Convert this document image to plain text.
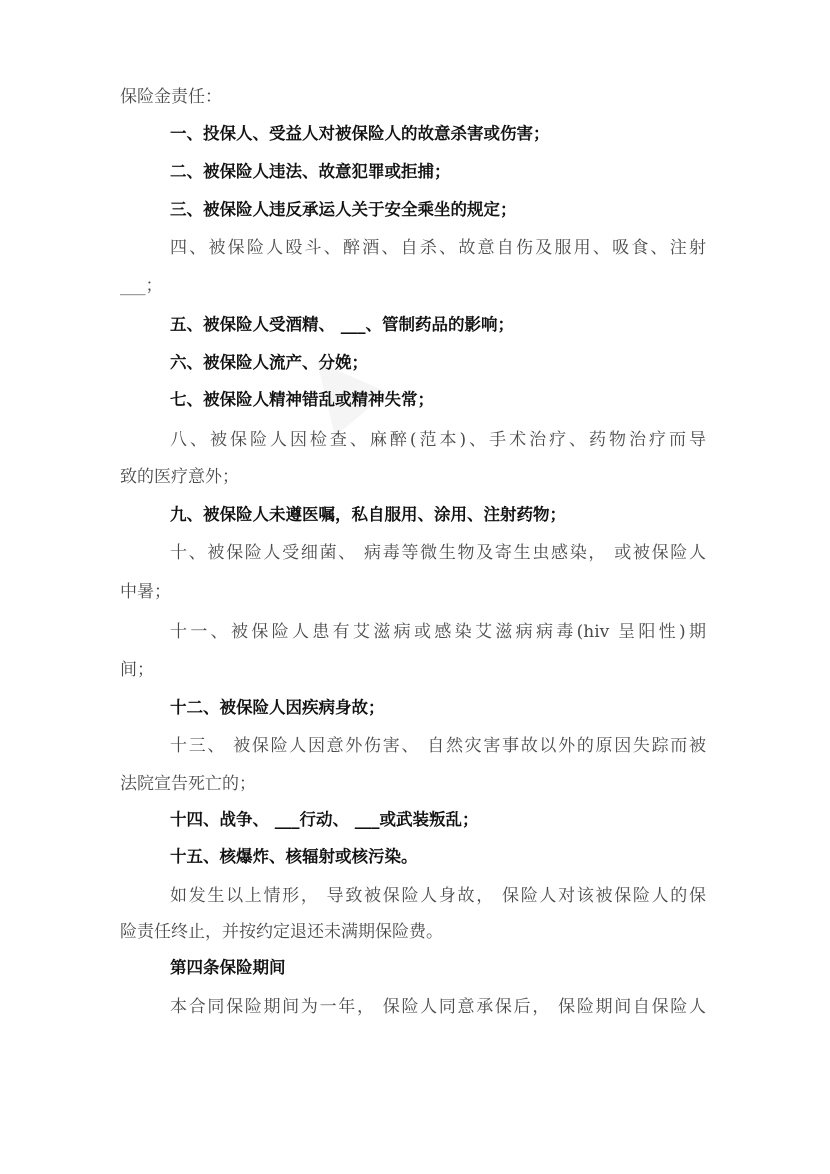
保险金责任：
一、投保人、受益人对被保险人的故意杀害或伤害；
二、被保险人违法、故意犯罪或拒捕；
三、被保险人违反承运人关于安全乘坐的规定；
四、被保险人殴斗、醉酒、自杀、故意自伤及服用、吸食、注射
___；
五、被保险人受酒精、 ___、管制药品的影响；
六、被保险人流产、分娩；
七、被保险人精神错乱或精神失常；
八、被保险人因检查、麻醉(范本)、手术治疗、药物治疗而导
致的医疗意外；
九、被保险人未遵医嘱，私自服用、涂用、注射药物；
十、被保险人受细菌、 病毒等微生物及寄生虫感染， 或被保险人
中暑；
十一、被保险人患有艾滋病或感染艾滋病病毒(hiv 呈阳性)期
间；
十二、被保险人因疾病身故；
十三、 被保险人因意外伤害、 自然灾害事故以外的原因失踪而被
法院宣告死亡的；
十四、战争、 ___行动、 ___或武装叛乱；
十五、核爆炸、核辐射或核污染。
如发生以上情形， 导致被保险人身故， 保险人对该被保险人的保
险责任终止，并按约定退还未满期保险费。
第四条保险期间
本合同保险期间为一年， 保险人同意承保后， 保险期间自保险人
